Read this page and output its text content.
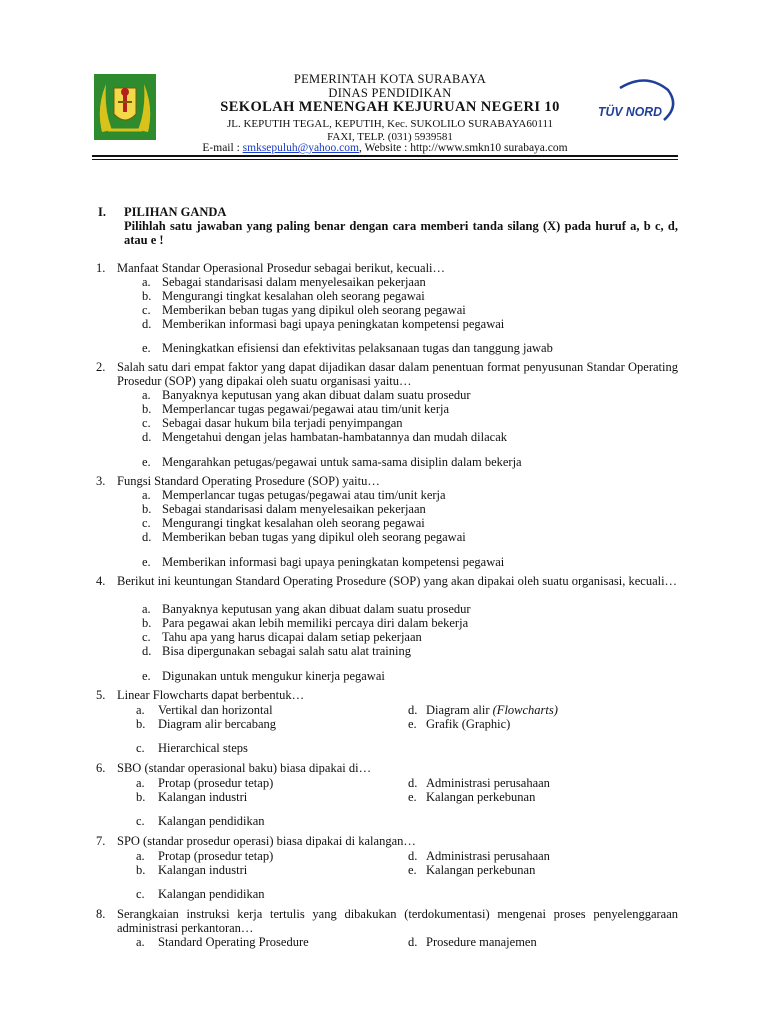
TÜV NORD
PEMERINTAH KOTA SURABAYA
DINAS PENDIDIKAN
SEKOLAH MENENGAH KEJURUAN NEGERI 10
JL. KEPUTIH TEGAL, KEPUTIH, Kec. SUKOLILO SURABAYA60111
FAXI, TELP. (031) 5939581
E-mail : smksepuluh@yahoo.com, Website : http://www.smkn10 surabaya.com
I. PILIHAN GANDA
Pilihlah satu jawaban yang paling benar dengan cara memberi tanda silang (X) pada huruf a, b c, d, atau e !
1. Manfaat Standar Operasional Prosedur sebagai berikut, kecuali…
a. Sebagai standarisasi dalam menyelesaikan pekerjaan
b. Mengurangi tingkat kesalahan oleh seorang pegawai
c. Memberikan beban tugas yang dipikul oleh seorang pegawai
d. Memberikan informasi bagi upaya peningkatan kompetensi pegawai
e. Meningkatkan efisiensi dan efektivitas pelaksanaan tugas dan tanggung jawab
2. Salah satu dari empat faktor yang dapat dijadikan dasar dalam penentuan format penyusunan Standar Operating Prosedur (SOP) yang dipakai oleh suatu organisasi yaitu…
a. Banyaknya keputusan yang akan dibuat dalam suatu prosedur
b. Memperlancar tugas pegawai/pegawai atau tim/unit kerja
c. Sebagai dasar hukum bila terjadi penyimpangan
d. Mengetahui dengan jelas hambatan-hambatannya dan mudah dilacak
e. Mengarahkan petugas/pegawai untuk sama-sama disiplin dalam bekerja
3. Fungsi Standard Operating Prosedure (SOP) yaitu…
a. Memperlancar tugas petugas/pegawai atau tim/unit kerja
b. Sebagai standarisasi dalam menyelesaikan pekerjaan
c. Mengurangi tingkat kesalahan oleh seorang pegawai
d. Memberikan beban tugas yang dipikul oleh seorang pegawai
e. Memberikan informasi bagi upaya peningkatan kompetensi pegawai
4. Berikut ini keuntungan Standard Operating Prosedure (SOP) yang akan dipakai oleh suatu organisasi, kecuali…
a. Banyaknya keputusan yang akan dibuat dalam suatu prosedur
b. Para pegawai akan lebih memiliki percaya diri dalam bekerja
c. Tahu apa yang harus dicapai dalam setiap pekerjaan
d. Bisa dipergunakan sebagai salah satu alat training
e. Digunakan untuk mengukur kinerja pegawai
5. Linear Flowcharts dapat berbentuk…
a. Vertikal dan horizontal
b. Diagram alir bercabang
c. Hierarchical steps
d. Diagram alir (Flowcharts)
e. Grafik (Graphic)
6. SBO (standar operasional baku) biasa dipakai di…
a. Protap (prosedur tetap)
b. Kalangan industri
c. Kalangan pendidikan
d. Administrasi perusahaan
e. Kalangan perkebunan
7. SPO (standar prosedur operasi) biasa dipakai di kalangan…
a. Protap (prosedur tetap)
b. Kalangan industri
c. Kalangan pendidikan
d. Administrasi perusahaan
e. Kalangan perkebunan
8. Serangkaian instruksi kerja tertulis yang dibakukan (terdokumentasi) mengenai proses penyelenggaraan administrasi perkantoran…
a. Standard Operating Prosedure	d. Prosedure manajemen
